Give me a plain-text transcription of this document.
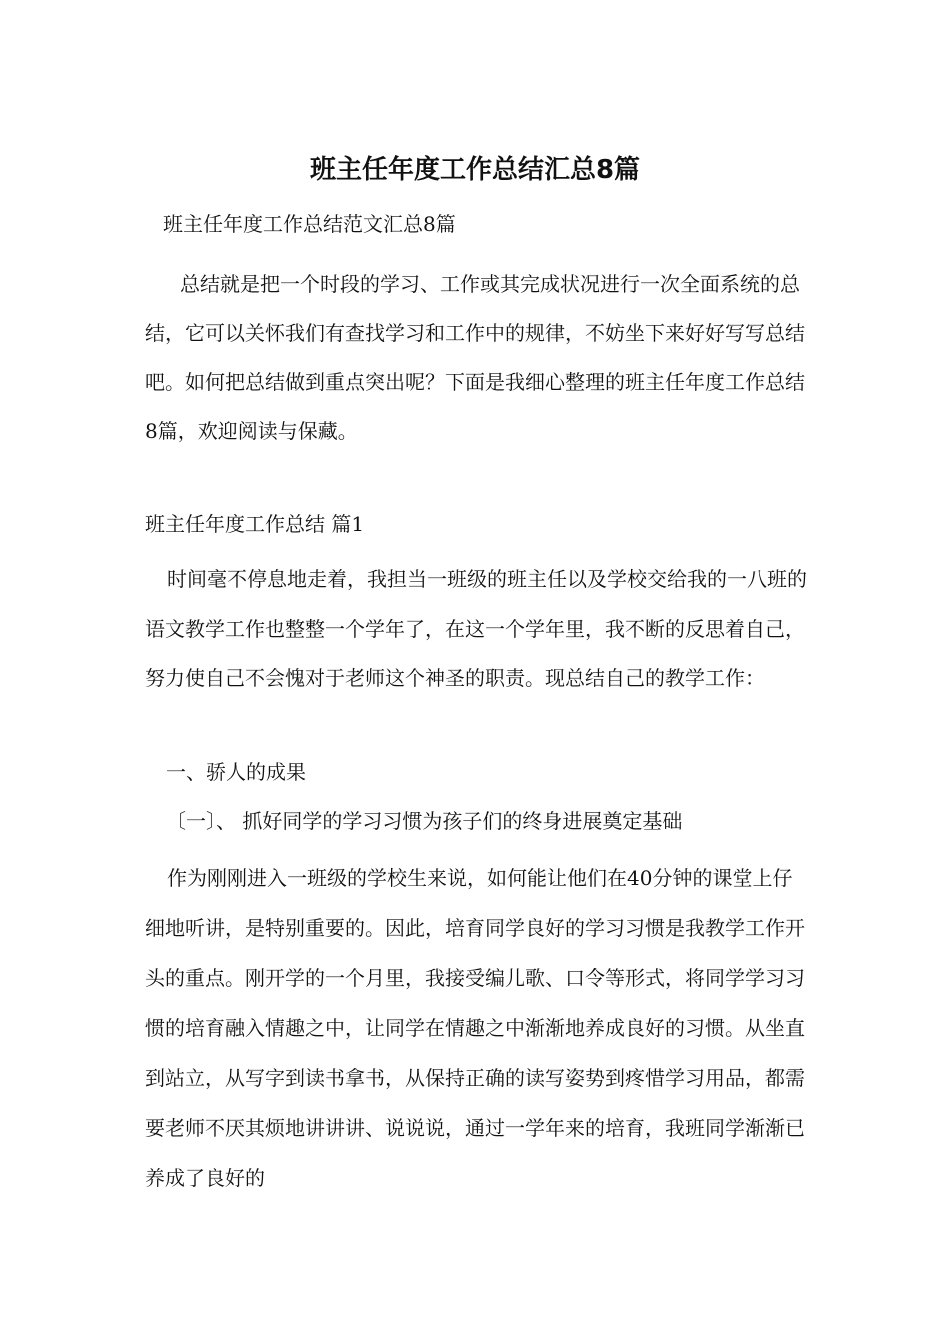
班主任年度工作总结汇总8篇

班主任年度工作总结范文汇总8篇

总结就是把一个时段的学习、工作或其完成状况进行一次全面系统的总结，它可以关怀我们有查找学习和工作中的规律，不妨坐下来好好写写总结吧。如何把总结做到重点突出呢？下面是我细心整理的班主任年度工作总结8篇，欢迎阅读与保藏。

班主任年度工作总结 篇1

时间毫不停息地走着，我担当一班级的班主任以及学校交给我的一八班的语文教学工作也整整一个学年了，在这一个学年里，我不断的反思着自己，努力使自己不会愧对于老师这个神圣的职责。现总结自己的教学工作：

一、骄人的成果

〔一〕、 抓好同学的学习习惯为孩子们的终身进展奠定基础

作为刚刚进入一班级的学校生来说，如何能让他们在40分钟的课堂上仔细地听讲，是特别重要的。因此，培育同学良好的学习习惯是我教学工作开头的重点。刚开学的一个月里，我接受编儿歌、口令等形式，将同学学习习惯的培育融入情趣之中，让同学在情趣之中渐渐地养成良好的习惯。从坐直到站立，从写字到读书拿书，从保持正确的读写姿势到疼惜学习用品，都需要老师不厌其烦地讲讲讲、说说说，通过一学年来的培育，我班同学渐渐已养成了良好的
